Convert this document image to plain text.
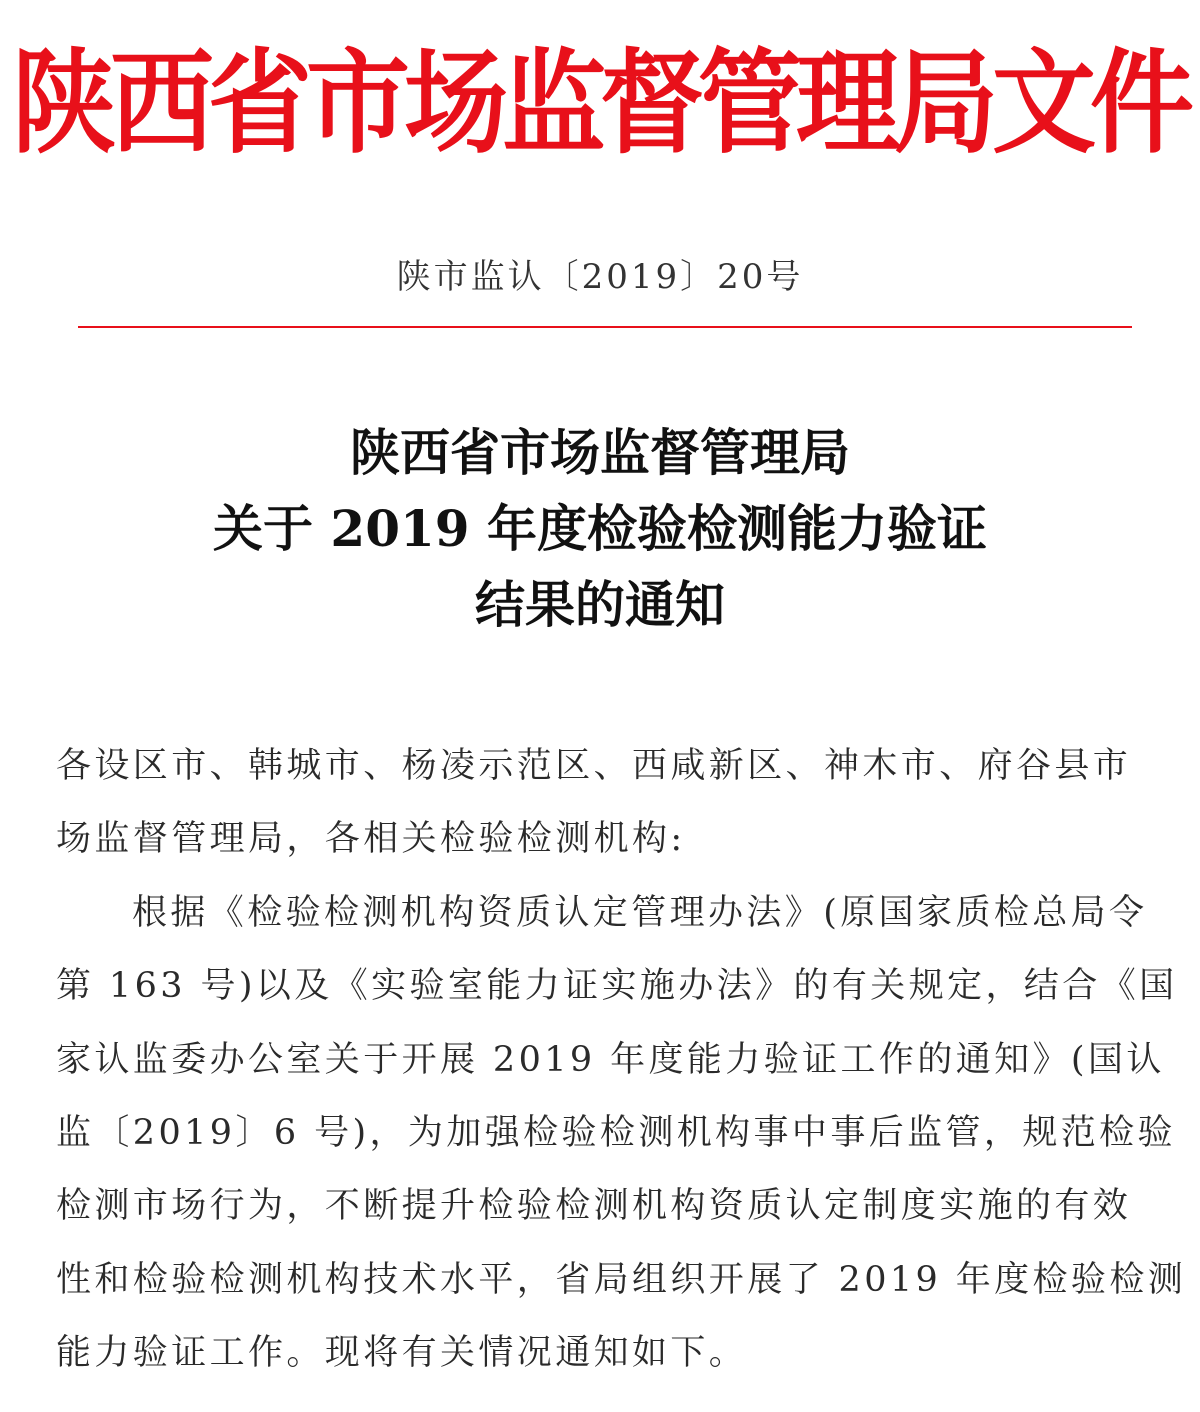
陕西省市场监督管理局文件
陕市监认〔2019〕20号
陕西省市场监督管理局
关于 2019 年度检验检测能力验证
结果的通知
各设区市、韩城市、杨凌示范区、西咸新区、神木市、府谷县市
场监督管理局，各相关检验检测机构:
根据《检验检测机构资质认定管理办法》(原国家质检总局令
第 163 号)以及《实验室能力证实施办法》的有关规定，结合《国
家认监委办公室关于开展 2019 年度能力验证工作的通知》(国认
监〔2019〕6 号)，为加强检验检测机构事中事后监管，规范检验
检测市场行为，不断提升检验检测机构资质认定制度实施的有效
性和检验检测机构技术水平，省局组织开展了 2019 年度检验检测
能力验证工作。现将有关情况通知如下。
